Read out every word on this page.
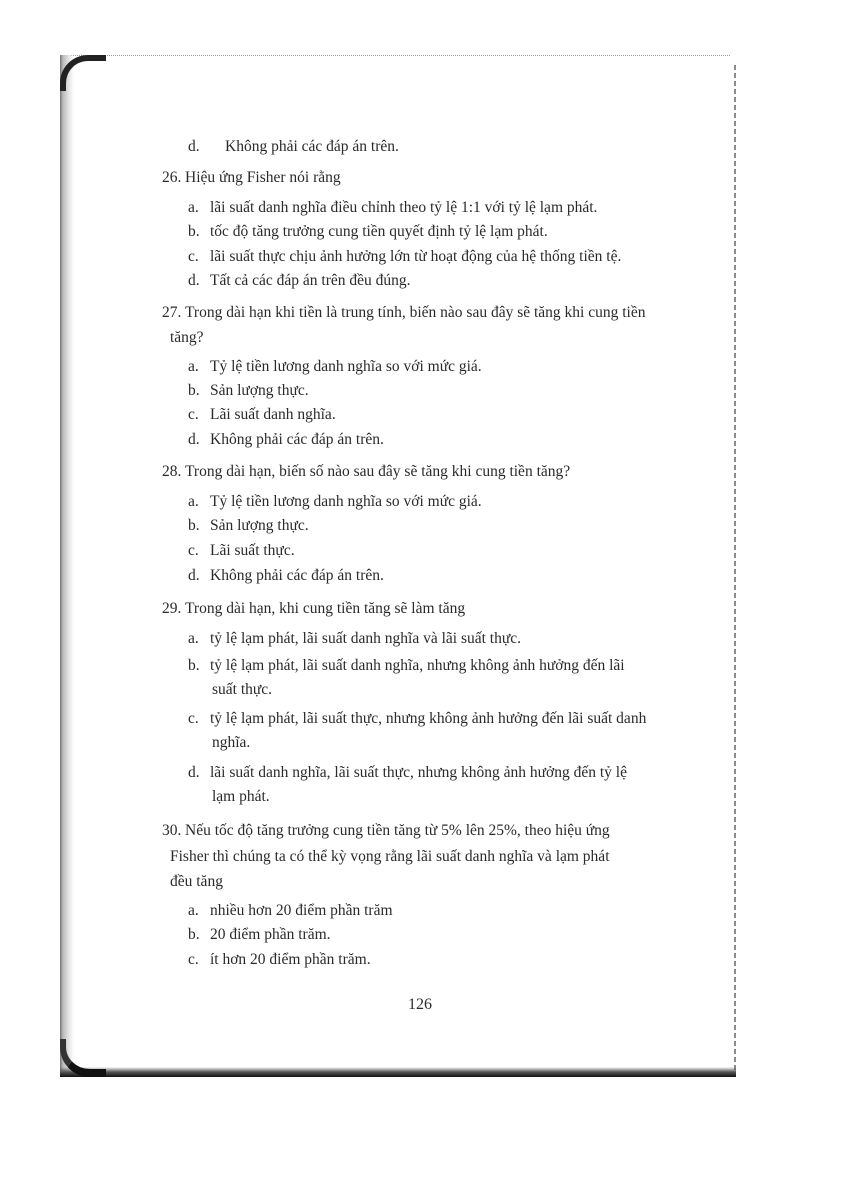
d. Không phải các đáp án trên.
26. Hiệu ứng Fisher nói rằng
a. lãi suất danh nghĩa điều chỉnh theo tỷ lệ 1:1 với tỷ lệ lạm phát.
b. tốc độ tăng trưởng cung tiền quyết định tỷ lệ lạm phát.
c. lãi suất thực chịu ảnh hưởng lớn từ hoạt động của hệ thống tiền tệ.
d. Tất cả các đáp án trên đều đúng.
27. Trong dài hạn khi tiền là trung tính, biến nào sau đây sẽ tăng khi cung tiền
tăng?
a. Tỷ lệ tiền lương danh nghĩa so với mức giá.
b. Sản lượng thực.
c. Lãi suất danh nghĩa.
d. Không phải các đáp án trên.
28. Trong dài hạn, biến số nào sau đây sẽ tăng khi cung tiền tăng?
a. Tỷ lệ tiền lương danh nghĩa so với mức giá.
b. Sản lượng thực.
c. Lãi suất thực.
d. Không phải các đáp án trên.
29. Trong dài hạn, khi cung tiền tăng sẽ làm tăng
a. tỷ lệ lạm phát, lãi suất danh nghĩa và lãi suất thực.
b. tỷ lệ lạm phát, lãi suất danh nghĩa, nhưng không ảnh hưởng đến lãi
suất thực.
c. tỷ lệ lạm phát, lãi suất thực, nhưng không ảnh hưởng đến lãi suất danh
nghĩa.
d. lãi suất danh nghĩa, lãi suất thực, nhưng không ảnh hưởng đến tỷ lệ
lạm phát.
30. Nếu tốc độ tăng trưởng cung tiền tăng từ 5% lên 25%, theo hiệu ứng
Fisher thì chúng ta có thể kỳ vọng rằng lãi suất danh nghĩa và lạm phát
đều tăng
a. nhiều hơn 20 điểm phần trăm
b. 20 điểm phần trăm.
c. ít hơn 20 điểm phần trăm.
126
